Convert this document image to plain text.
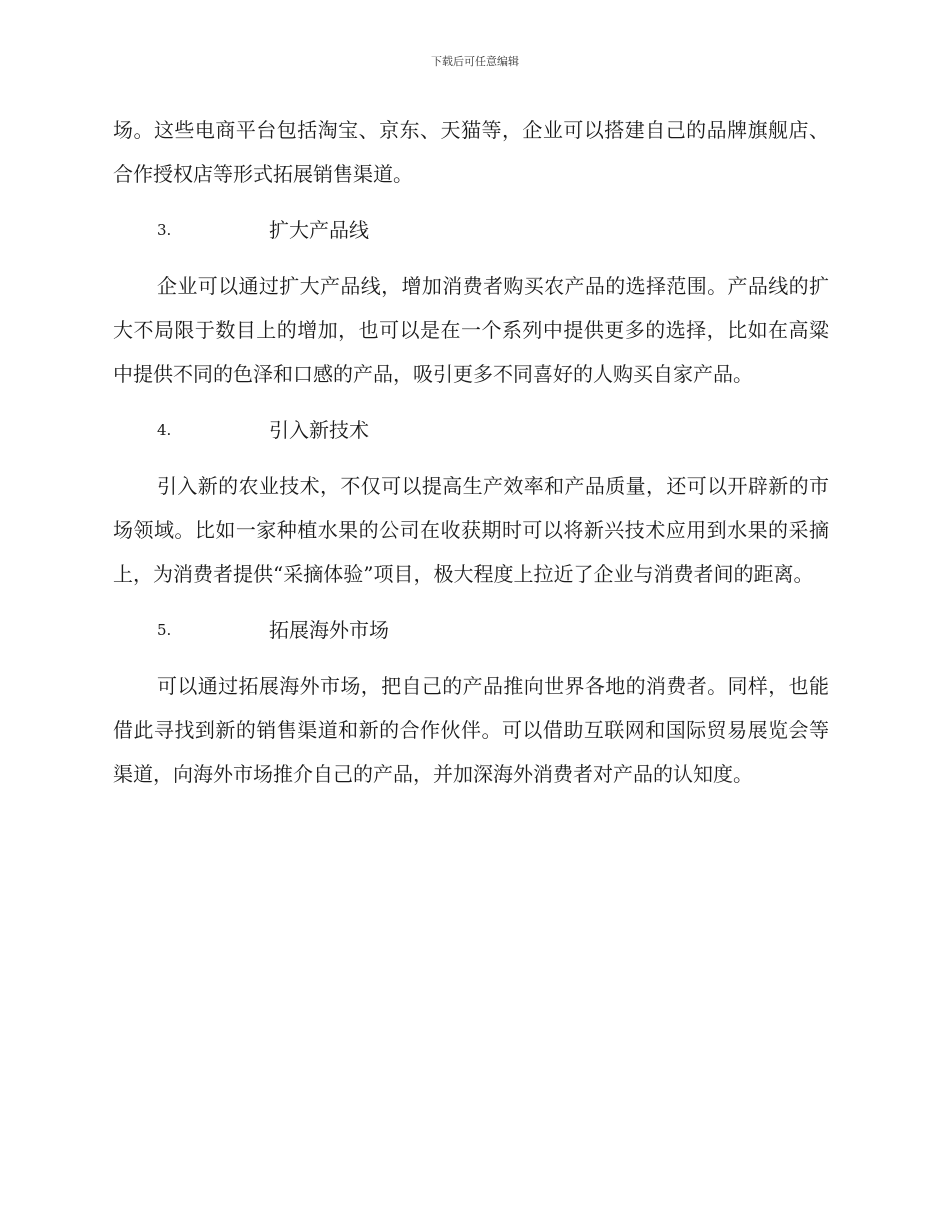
下载后可任意编辑

场。这些电商平台包括淘宝、京东、天猫等，企业可以搭建自己的品牌旗舰店、合作授权店等形式拓展销售渠道。

3.	扩大产品线

企业可以通过扩大产品线，增加消费者购买农产品的选择范围。产品线的扩大不局限于数目上的增加，也可以是在一个系列中提供更多的选择，比如在高粱中提供不同的色泽和口感的产品，吸引更多不同喜好的人购买自家产品。

4.	引入新技术

引入新的农业技术，不仅可以提高生产效率和产品质量，还可以开辟新的市场领域。比如一家种植水果的公司在收获期时可以将新兴技术应用到水果的采摘上，为消费者提供“采摘体验”项目，极大程度上拉近了企业与消费者间的距离。

5.	拓展海外市场

可以通过拓展海外市场，把自己的产品推向世界各地的消费者。同样，也能借此寻找到新的销售渠道和新的合作伙伴。可以借助互联网和国际贸易展览会等渠道，向海外市场推介自己的产品，并加深海外消费者对产品的认知度。
